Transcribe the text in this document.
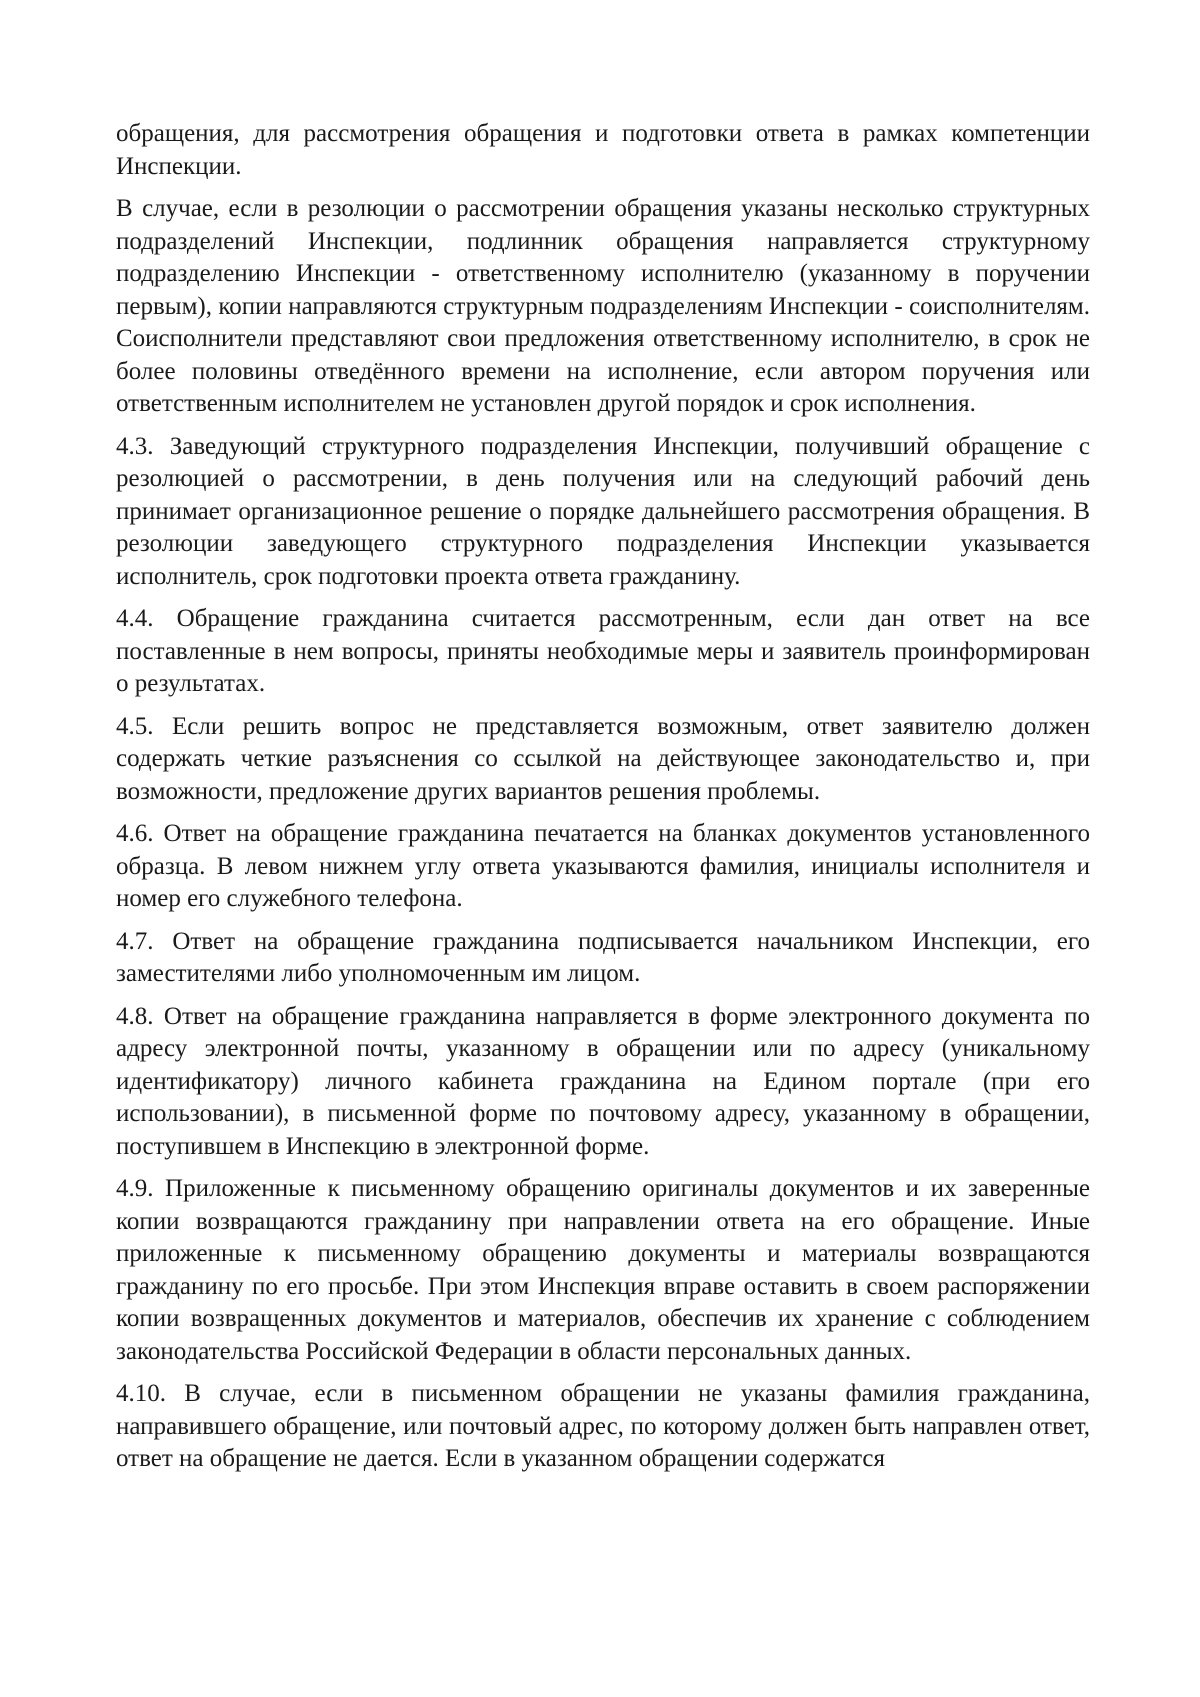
обращения, для рассмотрения обращения и подготовки ответа в рамках компетенции Инспекции.

В случае, если в резолюции о рассмотрении обращения указаны несколько структурных подразделений Инспекции, подлинник обращения направляется структурному подразделению Инспекции - ответственному исполнителю (указанному в поручении первым), копии направляются структурным подразделениям Инспекции - соисполнителям. Соисполнители представляют свои предложения ответственному исполнителю, в срок не более половины отведённого времени на исполнение, если автором поручения или ответственным исполнителем не установлен другой порядок и срок исполнения.

4.3. Заведующий структурного подразделения Инспекции, получивший обращение с резолюцией о рассмотрении, в день получения или на следующий рабочий день принимает организационное решение о порядке дальнейшего рассмотрения обращения. В резолюции заведующего структурного подразделения Инспекции указывается исполнитель, срок подготовки проекта ответа гражданину.

4.4. Обращение гражданина считается рассмотренным, если дан ответ на все поставленные в нем вопросы, приняты необходимые меры и заявитель проинформирован о результатах.

4.5. Если решить вопрос не представляется возможным, ответ заявителю должен содержать четкие разъяснения со ссылкой на действующее законодательство и, при возможности, предложение других вариантов решения проблемы.

4.6. Ответ на обращение гражданина печатается на бланках документов установленного образца. В левом нижнем углу ответа указываются фамилия, инициалы исполнителя и номер его служебного телефона.

4.7. Ответ на обращение гражданина подписывается начальником Инспекции, его заместителями либо уполномоченным им лицом.

4.8. Ответ на обращение гражданина направляется в форме электронного документа по адресу электронной почты, указанному в обращении или по адресу (уникальному идентификатору) личного кабинета гражданина на Едином портале (при его использовании), в письменной форме по почтовому адресу, указанному в обращении, поступившем в Инспекцию в электронной форме.

4.9. Приложенные к письменному обращению оригиналы документов и их заверенные копии возвращаются гражданину при направлении ответа на его обращение. Иные приложенные к письменному обращению документы и материалы возвращаются гражданину по его просьбе. При этом Инспекция вправе оставить в своем распоряжении копии возвращенных документов и материалов, обеспечив их хранение с соблюдением законодательства Российской Федерации в области персональных данных.

4.10. В случае, если в письменном обращении не указаны фамилия гражданина, направившего обращение, или почтовый адрес, по которому должен быть направлен ответ, ответ на обращение не дается. Если в указанном обращении содержатся
